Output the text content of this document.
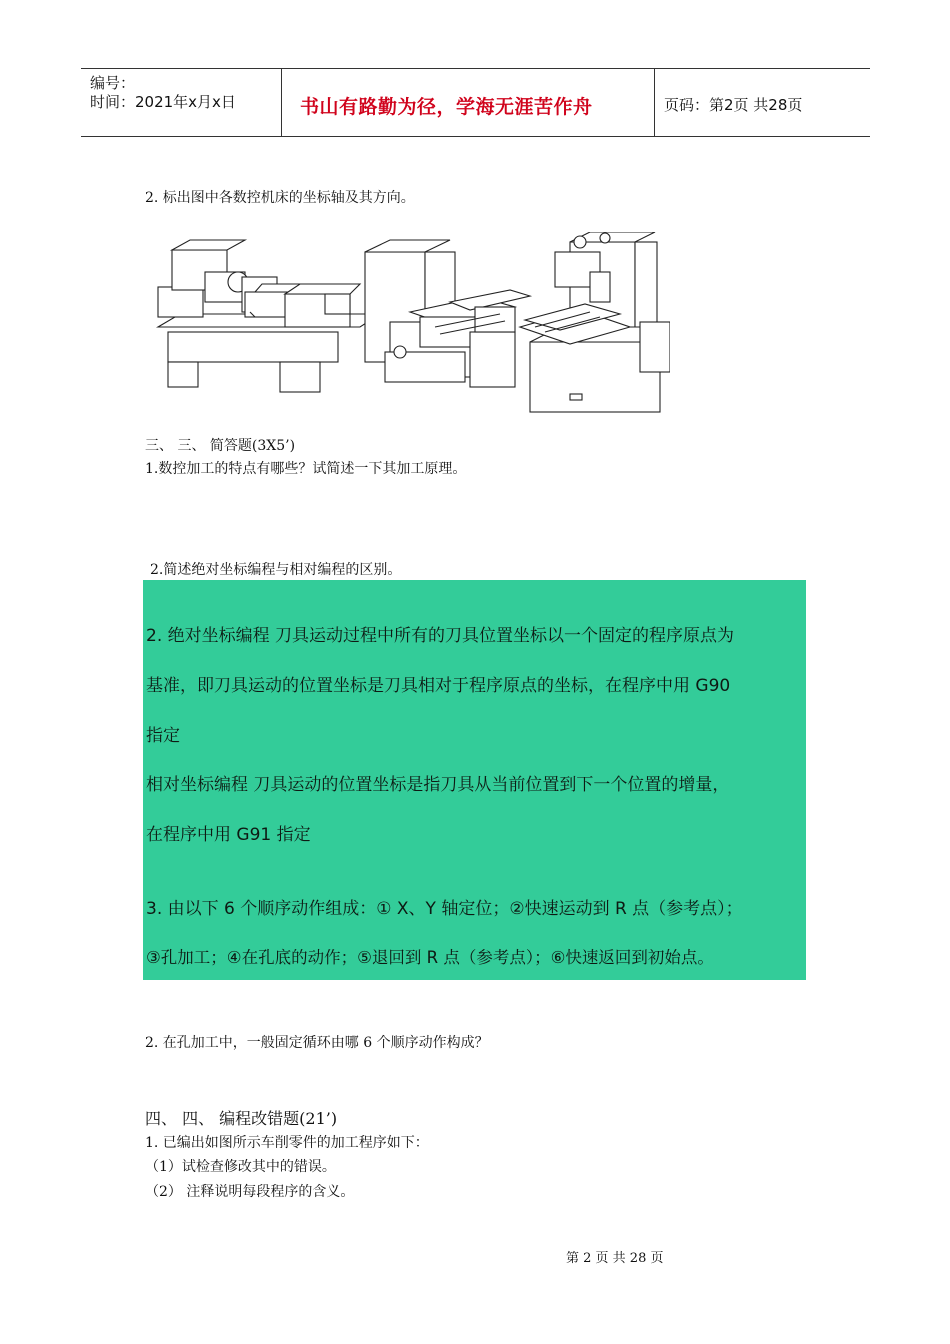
编号：
时间：2021年x月x日	书山有路勤为径，学海无涯苦作舟	页码：第2页 共28页
2. 标出图中各数控机床的坐标轴及其方向。
三、 三、 简答题(3X5’)
1.数控加工的特点有哪些？试简述一下其加工原理。
2.简述绝对坐标编程与相对编程的区别。
2. 绝对坐标编程 刀具运动过程中所有的刀具位置坐标以一个固定的程序原点为
基准，即刀具运动的位置坐标是刀具相对于程序原点的坐标，在程序中用 G90
指定
相对坐标编程 刀具运动的位置坐标是指刀具从当前位置到下一个位置的增量，
在程序中用 G91 指定
3. 由以下 6 个顺序动作组成：① X、Y 轴定位；②快速运动到 R 点（参考点）；
③孔加工；④在孔底的动作；⑤退回到 R 点（参考点）；⑥快速返回到初始点。
2. 在孔加工中，一般固定循环由哪 6 个顺序动作构成？
四、 四、 编程改错题(21’)
1. 已编出如图所示车削零件的加工程序如下：
（1）试检查修改其中的错误。
（2） 注释说明每段程序的含义。
第 2 页 共 28 页
